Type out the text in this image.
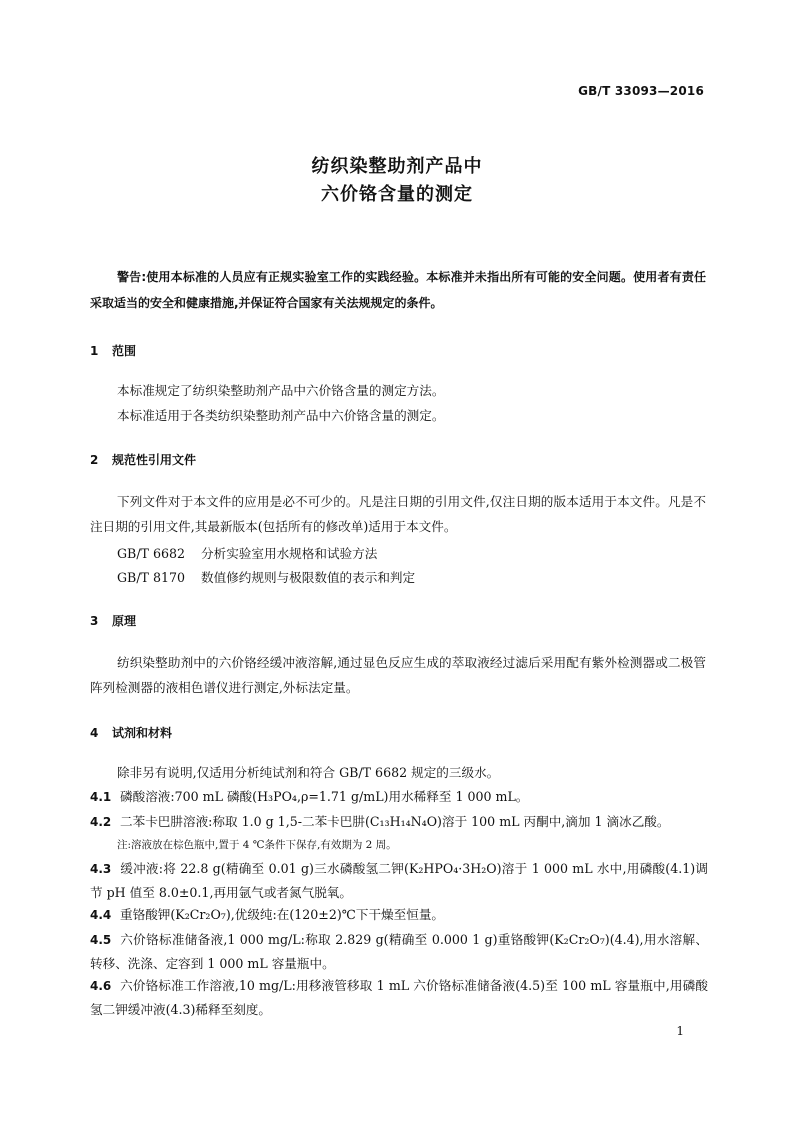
GB/T 33093—2016
纺织染整助剂产品中
六价铬含量的测定
警告:使用本标准的人员应有正规实验室工作的实践经验。本标准并未指出所有可能的安全问题。使用者有责任采取适当的安全和健康措施,并保证符合国家有关法规规定的条件。
1 范围
本标准规定了纺织染整助剂产品中六价铬含量的测定方法。
本标准适用于各类纺织染整助剂产品中六价铬含量的测定。
2 规范性引用文件
下列文件对于本文件的应用是必不可少的。凡是注日期的引用文件,仅注日期的版本适用于本文件。凡是不注日期的引用文件,其最新版本(包括所有的修改单)适用于本文件。
GB/T 6682 分析实验室用水规格和试验方法
GB/T 8170 数值修约规则与极限数值的表示和判定
3 原理
纺织染整助剂中的六价铬经缓冲液溶解,通过显色反应生成的萃取液经过滤后采用配有紫外检测器或二极管阵列检测器的液相色谱仪进行测定,外标法定量。
4 试剂和材料
除非另有说明,仅适用分析纯试剂和符合 GB/T 6682 规定的三级水。
4.1 磷酸溶液:700 mL 磷酸(H₃PO₄,ρ=1.71 g/mL)用水稀释至 1 000 mL。
4.2 二苯卡巴肼溶液:称取 1.0 g 1,5-二苯卡巴肼(C₁₃H₁₄N₄O)溶于 100 mL 丙酮中,滴加 1 滴冰乙酸。
注:溶液放在棕色瓶中,置于 4 ℃条件下保存,有效期为 2 周。
4.3 缓冲液:将 22.8 g(精确至 0.01 g)三水磷酸氢二钾(K₂HPO₄·3H₂O)溶于 1 000 mL 水中,用磷酸(4.1)调节 pH 值至 8.0±0.1,再用氩气或者氮气脱氧。
4.4 重铬酸钾(K₂Cr₂O₇),优级纯:在(120±2)℃下干燥至恒量。
4.5 六价铬标准储备液,1 000 mg/L:称取 2.829 g(精确至 0.000 1 g)重铬酸钾(K₂Cr₂O₇)(4.4),用水溶解、转移、洗涤、定容到 1 000 mL 容量瓶中。
4.6 六价铬标准工作溶液,10 mg/L:用移液管移取 1 mL 六价铬标准储备液(4.5)至 100 mL 容量瓶中,用磷酸氢二钾缓冲液(4.3)稀释至刻度。
1
